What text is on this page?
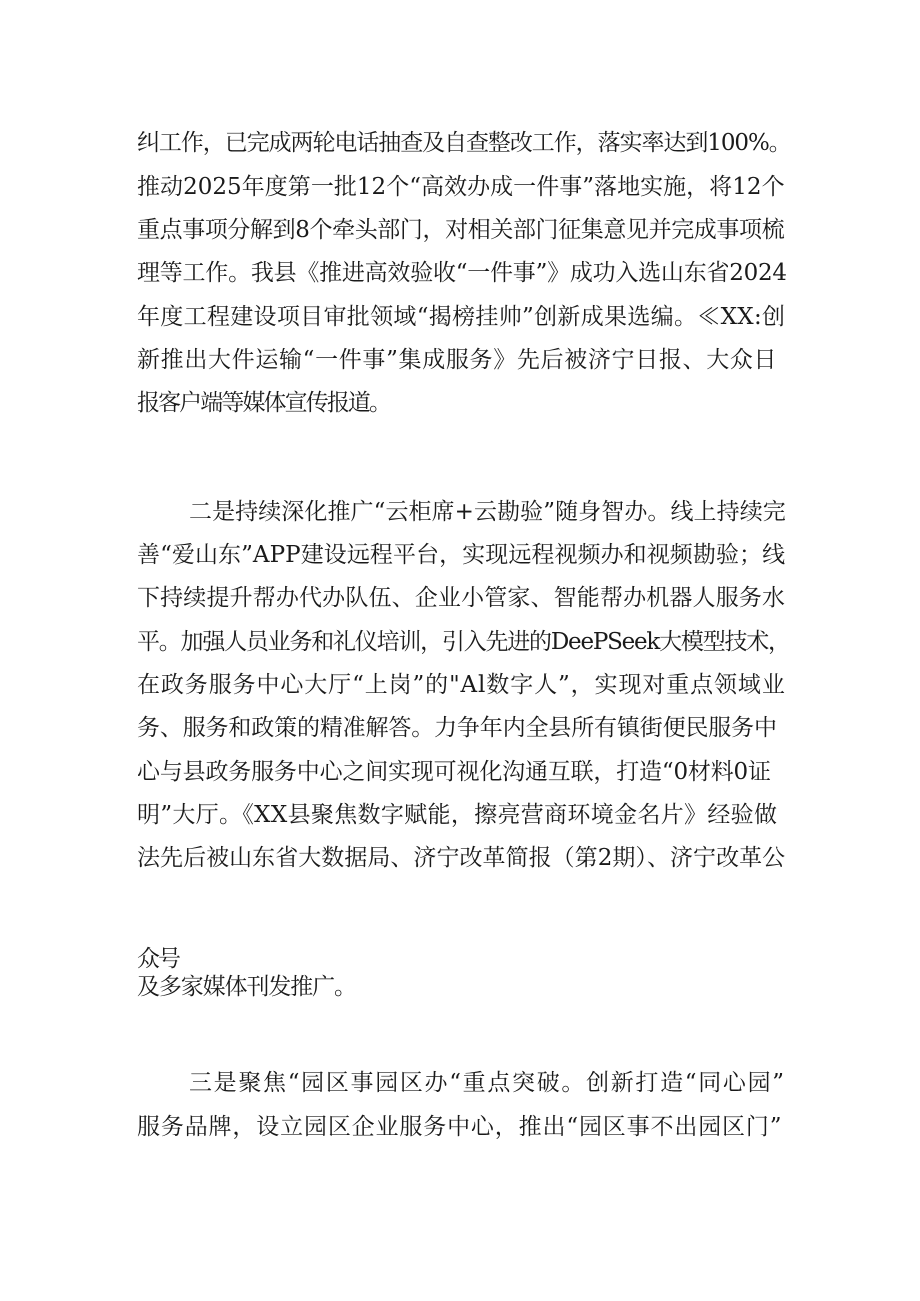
纠工作，已完成两轮电话抽查及自查整改工作，落实率达到100%。
推动2025年度第一批12个“高效办成一件事”落地实施，将12个
重点事项分解到8个牵头部门，对相关部门征集意见并完成事项梳
理等工作。我县《推进高效验收“一件事”》成功入选山东省2024
年度工程建设项目审批领域“揭榜挂帅”创新成果选编。≪XX:创
新推出大件运输“一件事”集成服务》先后被济宁日报、大众日
报客户端等媒体宣传报道。
二是持续深化推广“云柜席+云勘验”随身智办。线上持续完
善“爱山东”APP建设远程平台，实现远程视频办和视频勘验；线
下持续提升帮办代办队伍、企业小管家、智能帮办机器人服务水
平。加强人员业务和礼仪培训，引入先进的DeePSeek大模型技术，
在政务服务中心大厅“上岗”的"Al数字人”，实现对重点领域业
务、服务和政策的精准解答。力争年内全县所有镇街便民服务中
心与县政务服务中心之间实现可视化沟通互联，打造“0材料0证
明”大厅。《XX县聚焦数字赋能，擦亮营商环境金名片》经验做
法先后被山东省大数据局、济宁改革简报（第2期）、济宁改革公
众号
及多家媒体刊发推广。
三是聚焦“园区事园区办“重点突破。创新打造“同心园”
服务品牌，设立园区企业服务中心，推出“园区事不出园区门”
